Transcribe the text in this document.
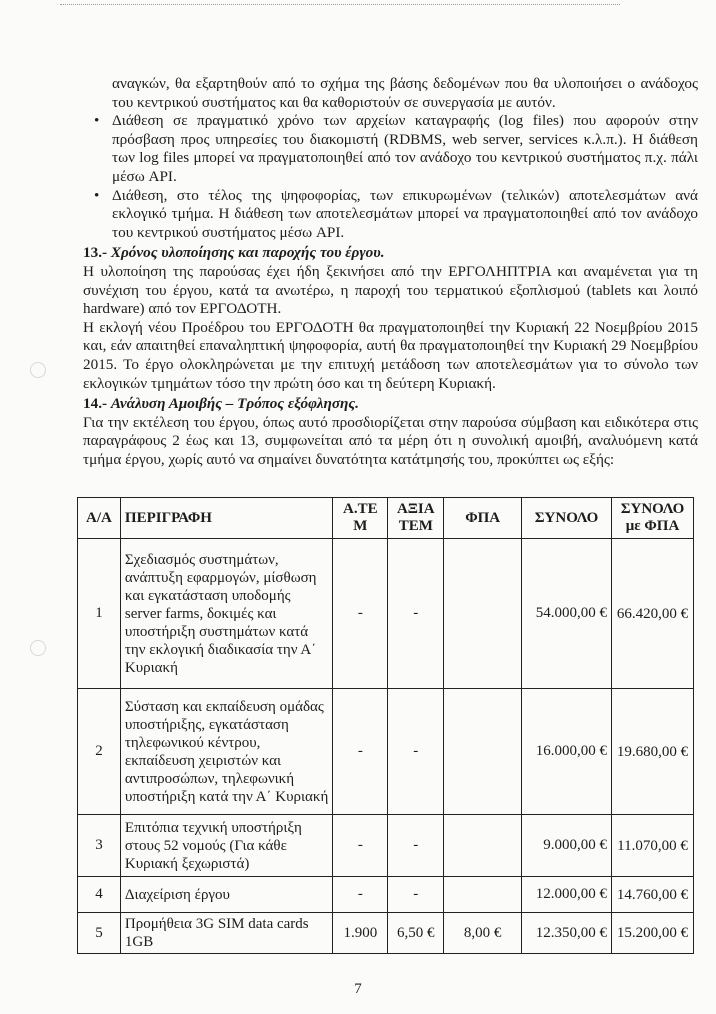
αναγκών, θα εξαρτηθούν από το σχήμα της βάσης δεδομένων που θα υλοποιήσει ο ανάδοχος του κεντρικού συστήματος και θα καθοριστούν σε συνεργασία με αυτόν.

• Διάθεση σε πραγματικό χρόνο των αρχείων καταγραφής (log files) που αφορούν στην πρόσβαση προς υπηρεσίες του διακομιστή (RDBMS, web server, services κ.λ.π.). Η διάθεση των log files μπορεί να πραγματοποιηθεί από τον ανάδοχο του κεντρικού συστήματος π.χ. πάλι μέσω API.
• Διάθεση, στο τέλος της ψηφοφορίας, των επικυρωμένων (τελικών) αποτελεσμάτων ανά εκλογικό τμήμα. Η διάθεση των αποτελεσμάτων μπορεί να πραγματοποιηθεί από τον ανάδοχο του κεντρικού συστήματος μέσω API.
13.- Χρόνος υλοποίησης και παροχής του έργου.

Η υλοποίηση της παρούσας έχει ήδη ξεκινήσει από την ΕΡΓΟΛΗΠΤΡΙΑ και αναμένεται για τη συνέχιση του έργου, κατά τα ανωτέρω, η παροχή του τερματικού εξοπλισμού (tablets και λοιπό hardware) από τον ΕΡΓΟΔΟΤΗ.

Η εκλογή νέου Προέδρου του ΕΡΓΟΔΟΤΗ θα πραγματοποιηθεί την Κυριακή 22 Νοεμβρίου 2015 και, εάν απαιτηθεί επαναληπτική ψηφοφορία, αυτή θα πραγματοποιηθεί την Κυριακή 29 Νοεμβρίου 2015. Το έργο ολοκληρώνεται με την επιτυχή μετάδοση των αποτελεσμάτων για το σύνολο των εκλογικών τμημάτων τόσο την πρώτη όσο και τη δεύτερη Κυριακή.

14.- Ανάλυση Αμοιβής – Τρόπος εξόφλησης.

Για την εκτέλεση του έργου, όπως αυτό προσδιορίζεται στην παρούσα σύμβαση και ειδικότερα στις παραγράφους 2 έως και 13, συμφωνείται από τα μέρη ότι η συνολική αμοιβή, αναλυόμενη κατά τμήμα έργου, χωρίς αυτό να σημαίνει δυνατότητα κατάτμησής του, προκύπτει ως εξής:

Α/Α	ΠΕΡΙΓΡΑΦΗ	Α.ΤΕ Μ	ΑΞΙΑ ΤΕΜ	ΦΠΑ	ΣΥΝΟΛΟ	ΣΥΝΟΛΟ με ΦΠΑ
1	Σχεδιασμός συστημάτων, ανάπτυξη εφαρμογών, μίσθωση και εγκατάσταση υποδομής server farms, δοκιμές και υποστήριξη συστημάτων κατά την εκλογική διαδικασία την Α΄ Κυριακή	-	-		54.000,00 €	66.420,00 €
2	Σύσταση και εκπαίδευση ομάδας υποστήριξης, εγκατάσταση τηλεφωνικού κέντρου, εκπαίδευση χειριστών και αντιπροσώπων, τηλεφωνική υποστήριξη κατά την Α΄ Κυριακή	-	-		16.000,00 €	19.680,00 €
3	Επιτόπια τεχνική υποστήριξη στους 52 νομούς (Για κάθε Κυριακή ξεχωριστά)	-	-		9.000,00 €	11.070,00 €
4	Διαχείριση έργου	-	-		12.000,00 €	14.760,00 €
5	Προμήθεια 3G SIM data cards 1GB	1.900	6,50 €	8,00 €	12.350,00 €	15.200,00 €
7
